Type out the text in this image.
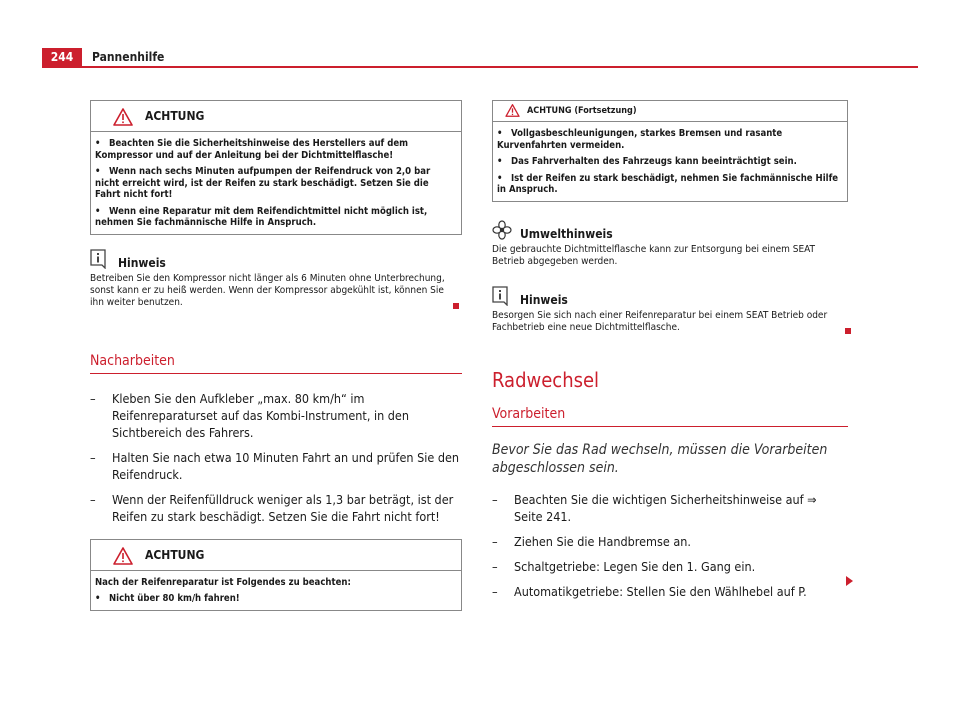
244	Pannenhilfe
ACHTUNG

• Beachten Sie die Sicherheitshinweise des Herstellers auf dem Kompressor und auf der Anleitung bei der Dichtmittelflasche!

• Wenn nach sechs Minuten aufpumpen der Reifendruck von 2,0 bar nicht erreicht wird, ist der Reifen zu stark beschädigt. Setzen Sie die Fahrt nicht fort!

• Wenn eine Reparatur mit dem Reifendichtmittel nicht möglich ist, nehmen Sie fachmännische Hilfe in Anspruch.

Hinweis

Betreiben Sie den Kompressor nicht länger als 6 Minuten ohne Unterbrechung, sonst kann er zu heiß werden. Wenn der Kompressor abgekühlt ist, können Sie ihn weiter benutzen.

Nacharbeiten
– Kleben Sie den Aufkleber „max. 80 km/h“ im Reifenreparaturset auf das Kombi-Instrument, in den Sichtbereich des Fahrers.
– Halten Sie nach etwa 10 Minuten Fahrt an und prüfen Sie den Reifendruck.
– Wenn der Reifenfülldruck weniger als 1,3 bar beträgt, ist der Reifen zu stark beschädigt. Setzen Sie die Fahrt nicht fort!
ACHTUNG

Nach der Reifenreparatur ist Folgendes zu beachten:

• Nicht über 80 km/h fahren!

ACHTUNG (Fortsetzung)

• Vollgasbeschleunigungen, starkes Bremsen und rasante Kurvenfahrten vermeiden.

• Das Fahrverhalten des Fahrzeugs kann beeinträchtigt sein.

• Ist der Reifen zu stark beschädigt, nehmen Sie fachmännische Hilfe in Anspruch.

Umwelthinweis

Die gebrauchte Dichtmittelflasche kann zur Entsorgung bei einem SEAT Betrieb abgegeben werden.

Hinweis

Besorgen Sie sich nach einer Reifenreparatur bei einem SEAT Betrieb oder Fachbetrieb eine neue Dichtmittelflasche.

Radwechsel
Vorarbeiten

Bevor Sie das Rad wechseln, müssen die Vorarbeiten abgeschlossen sein.

– Beachten Sie die wichtigen Sicherheitshinweise auf ⇒ Seite 241.
– Ziehen Sie die Handbremse an.
– Schaltgetriebe: Legen Sie den 1. Gang ein.
– Automatikgetriebe: Stellen Sie den Wählhebel auf P.
